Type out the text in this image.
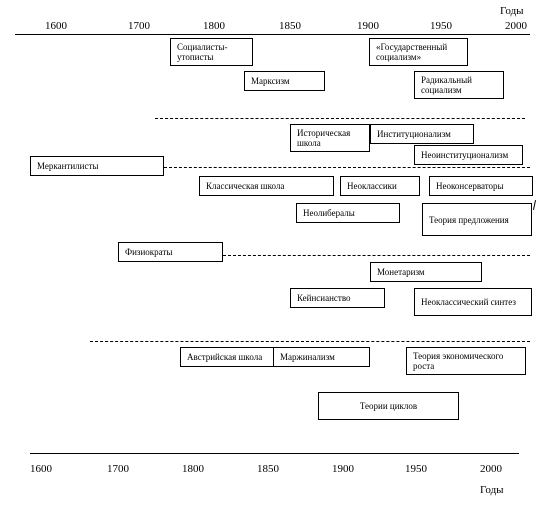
Годы
1600	1700	1800	1850	1900	1950	2000
Социалисты-утописты
Марксизм
«Государственный социализм»
Радикальный социализм
Историческая школа
Институционализм
Неоинституционализм
Меркантилисты
Классическая школа	Неоклассики	Неоконсерваторы
Неолибералы
Теория предложения
Физиократы
Монетаризм
Кейнсианство	Неоклассический синтез
Австрийская школа Маржинализм	Теория экономического роста
Теории циклов
1600	1700	1800	1850	1900	1950	2000
Годы
